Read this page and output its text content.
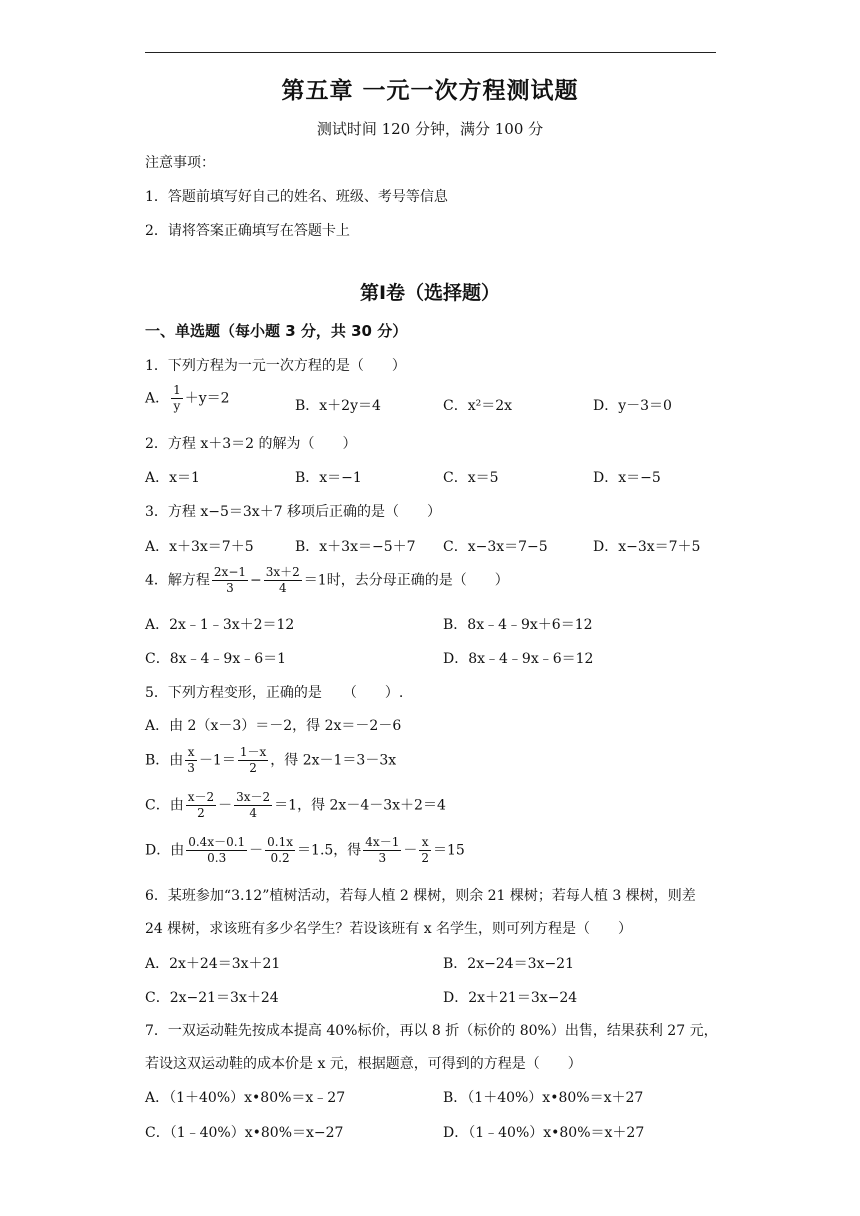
第五章 一元一次方程测试题
测试时间 120 分钟，满分 100 分
注意事项：
1．答题前填写好自己的姓名、班级、考号等信息
2．请将答案正确填写在答题卡上
第Ⅰ卷（选择题）
一、单选题（每小题 3 分，共 30 分）
1．下列方程为一元一次方程的是（　　）
A． $\frac{1}{y} +y=2$	B．x＋2y＝4	C．x²＝2x	D．y－3＝0
2．方程 x＋3＝2 的解为（　　）
A．x＝1	B．x＝−1	C．x＝5	D．x＝−5
3．方程 x−5＝3x＋7 移项后正确的是（　　）
A．x＋3x＝7＋5	B．x＋3x＝−5＋7 C．x−3x＝7−5	D．x−3x＝7＋5
4．解方程 $\frac{2x-1}{3} - \frac{3x+2}{4} =1$时，去分母正确的是（　　）
A．2x﹣1﹣3x＋2＝12	B．8x﹣4﹣9x＋6＝12
C．8x﹣4﹣9x﹣6＝1	D．8x﹣4﹣9x﹣6＝12
5．下列方程变形，正确的是　　（　　）.
A．由 2（x－3）＝－2，得 2x＝－2－6
B．由 $\frac{x}{3} -1= \frac{1-x}{2}$ ，得 2x－1＝3－3x
C．由 $\frac{x-2}{2} - \frac{3x-2}{4} =1$，得 2x－4－3x＋2＝4
D．由 $\frac{0.4x-0.1}{0.3} - \frac{0.1x}{0.2} =1.5$，得 $\frac{4x-1}{3} - \frac{x}{2} =15$
6．某班参加“3.12”植树活动，若每人植 2 棵树，则余 21 棵树；若每人植 3 棵树，则差
24 棵树，求该班有多少名学生？若设该班有 x 名学生，则可列方程是（　　）
A．2x＋24＝3x＋21	B．2x−24＝3x−21
C．2x−21＝3x＋24	D．2x＋21＝3x−24
7．一双运动鞋先按成本提高 40%标价，再以 8 折（标价的 80%）出售，结果获利 27 元，
若设这双运动鞋的成本价是 x 元，根据题意，可得到的方程是（　　）
A．（1＋40%）x•80%＝x﹣27	B．（1＋40%）x•80%＝x＋27
C．（1﹣40%）x•80%＝x−27	D．（1﹣40%）x•80%＝x＋27
